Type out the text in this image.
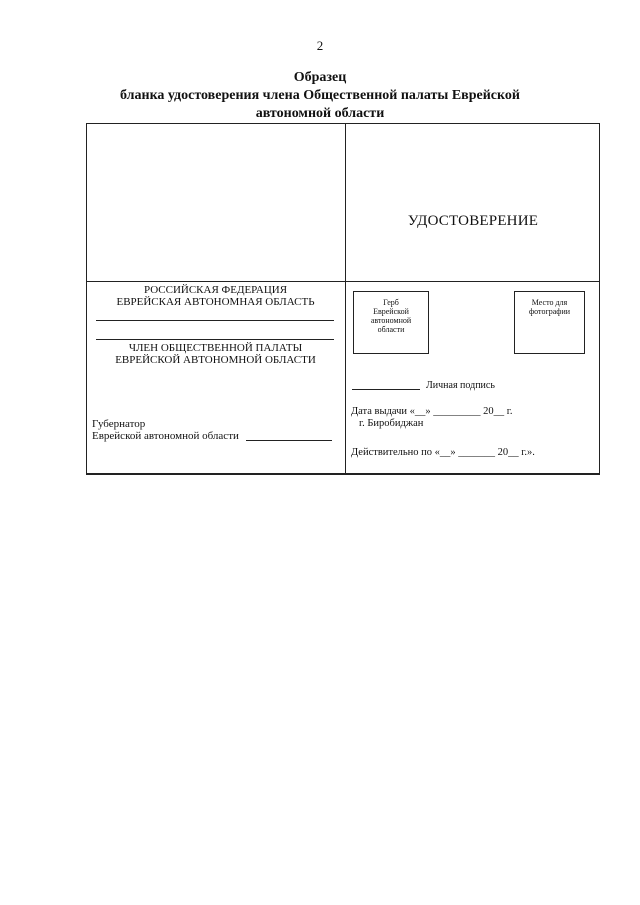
2
Образец
бланка удостоверения члена Общественной палаты Еврейской
автономной области
УДОСТОВЕРЕНИЕ
РОССИЙСКАЯ ФЕДЕРАЦИЯ
ЕВРЕЙСКАЯ АВТОНОМНАЯ ОБЛАСТЬ
ЧЛЕН ОБЩЕСТВЕННОЙ ПАЛАТЫ
ЕВРЕЙСКОЙ АВТОНОМНОЙ ОБЛАСТИ
Губернатор
Еврейской автономной области
Герб
Еврейской
автономной
области
Место для
фотографии
Личная подпись
Дата выдачи «__» _________ 20__ г.
г. Биробиджан
Действительно по «__» _______ 20__ г.».
